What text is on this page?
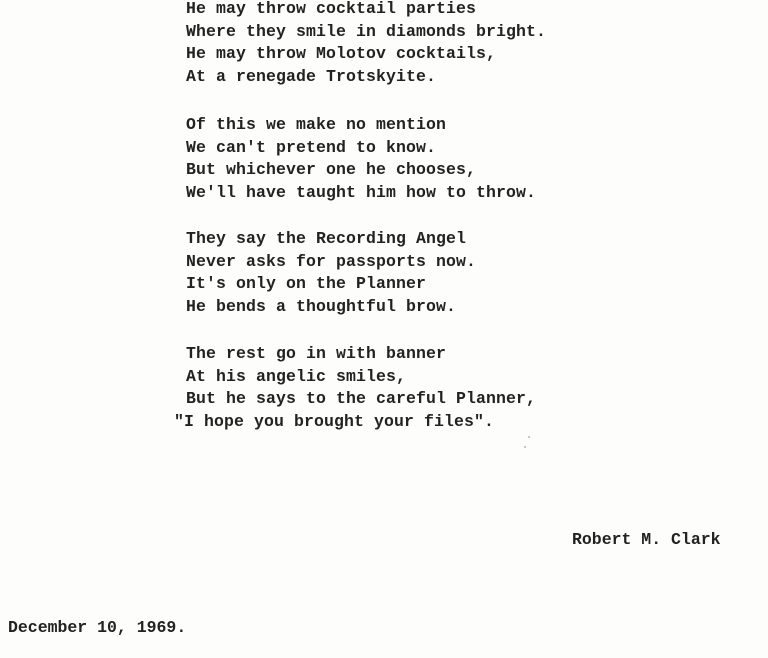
He may throw cocktail parties
Where they smile in diamonds bright.
He may throw Molotov cocktails,
At a renegade Trotskyite.
Of this we make no mention
We can't pretend to know.
But whichever one he chooses,
We'll have taught him how to throw.
They say the Recording Angel
Never asks for passports now.
It's only on the Planner
He bends a thoughtful brow.
The rest go in with banner
At his angelic smiles,
But he says to the careful Planner,
"I hope you brought your files".
Robert M. Clark
December 10, 1969.
